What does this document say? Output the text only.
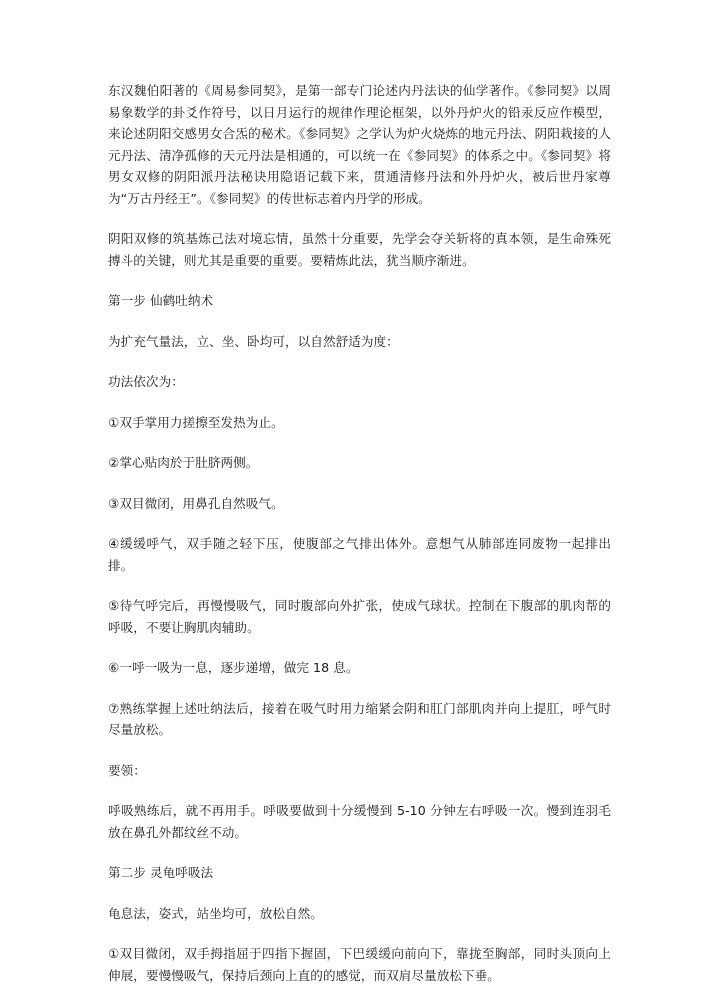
东汉魏伯阳著的《周易参同契》，是第一部专门论述内丹法诀的仙学著作。《参同契》以周易象数学的卦爻作符号，以日月运行的规律作理论框架，以外丹炉火的铅汞反应作模型，来论述阴阳交感男女合炁的秘术。《参同契》之学认为炉火烧炼的地元丹法、阴阳栽接的人元丹法、清净孤修的天元丹法是相通的，可以统一在《参同契》的体系之中。《参同契》将男女双修的阴阳派丹法秘诀用隐语记载下来，贯通清修丹法和外丹炉火，被后世丹家尊为“万古丹经王”。《参同契》的传世标志着内丹学的形成。

阴阳双修的筑基炼己法对境忘情，虽然十分重要，先学会夺关斩将的真本领，是生命殊死搏斗的关键，则尤其是重要的重要。要精炼此法，犹当顺序渐进。

第一步 仙鹤吐纳术

为扩充气量法，立、坐、卧均可，以自然舒适为度：

功法依次为：

①双手掌用力搓擦至发热为止。

②掌心贴肉於于肚脐两侧。

③双目微闭，用鼻孔自然吸气。

④缓缓呼气，双手随之轻下压，使腹部之气排出体外。意想气从肺部连同废物一起排出排。

⑤待气呼完后，再慢慢吸气，同时腹部向外扩张，使成气球状。控制在下腹部的肌肉帮的呼吸，不要让胸肌肉辅助。

⑥一呼一吸为一息，逐步递增，做完 18 息。

⑦熟练掌握上述吐纳法后，接着在吸气时用力缩紧会阴和肛门部肌肉并向上提肛，呼气时尽量放松。

要领：

呼吸熟练后，就不再用手。呼吸要做到十分缓慢到 5-10 分钟左右呼吸一次。慢到连羽毛放在鼻孔外都纹丝不动。

第二步 灵龟呼吸法

龟息法，姿式，站坐均可，放松自然。

①双目微闭，双手拇指屈于四指下握固，下巴缓缓向前向下，靠拢至胸部，同时头顶向上伸展，要慢慢吸气，保持后颈向上直的的感觉，而双肩尽量放松下垂。
